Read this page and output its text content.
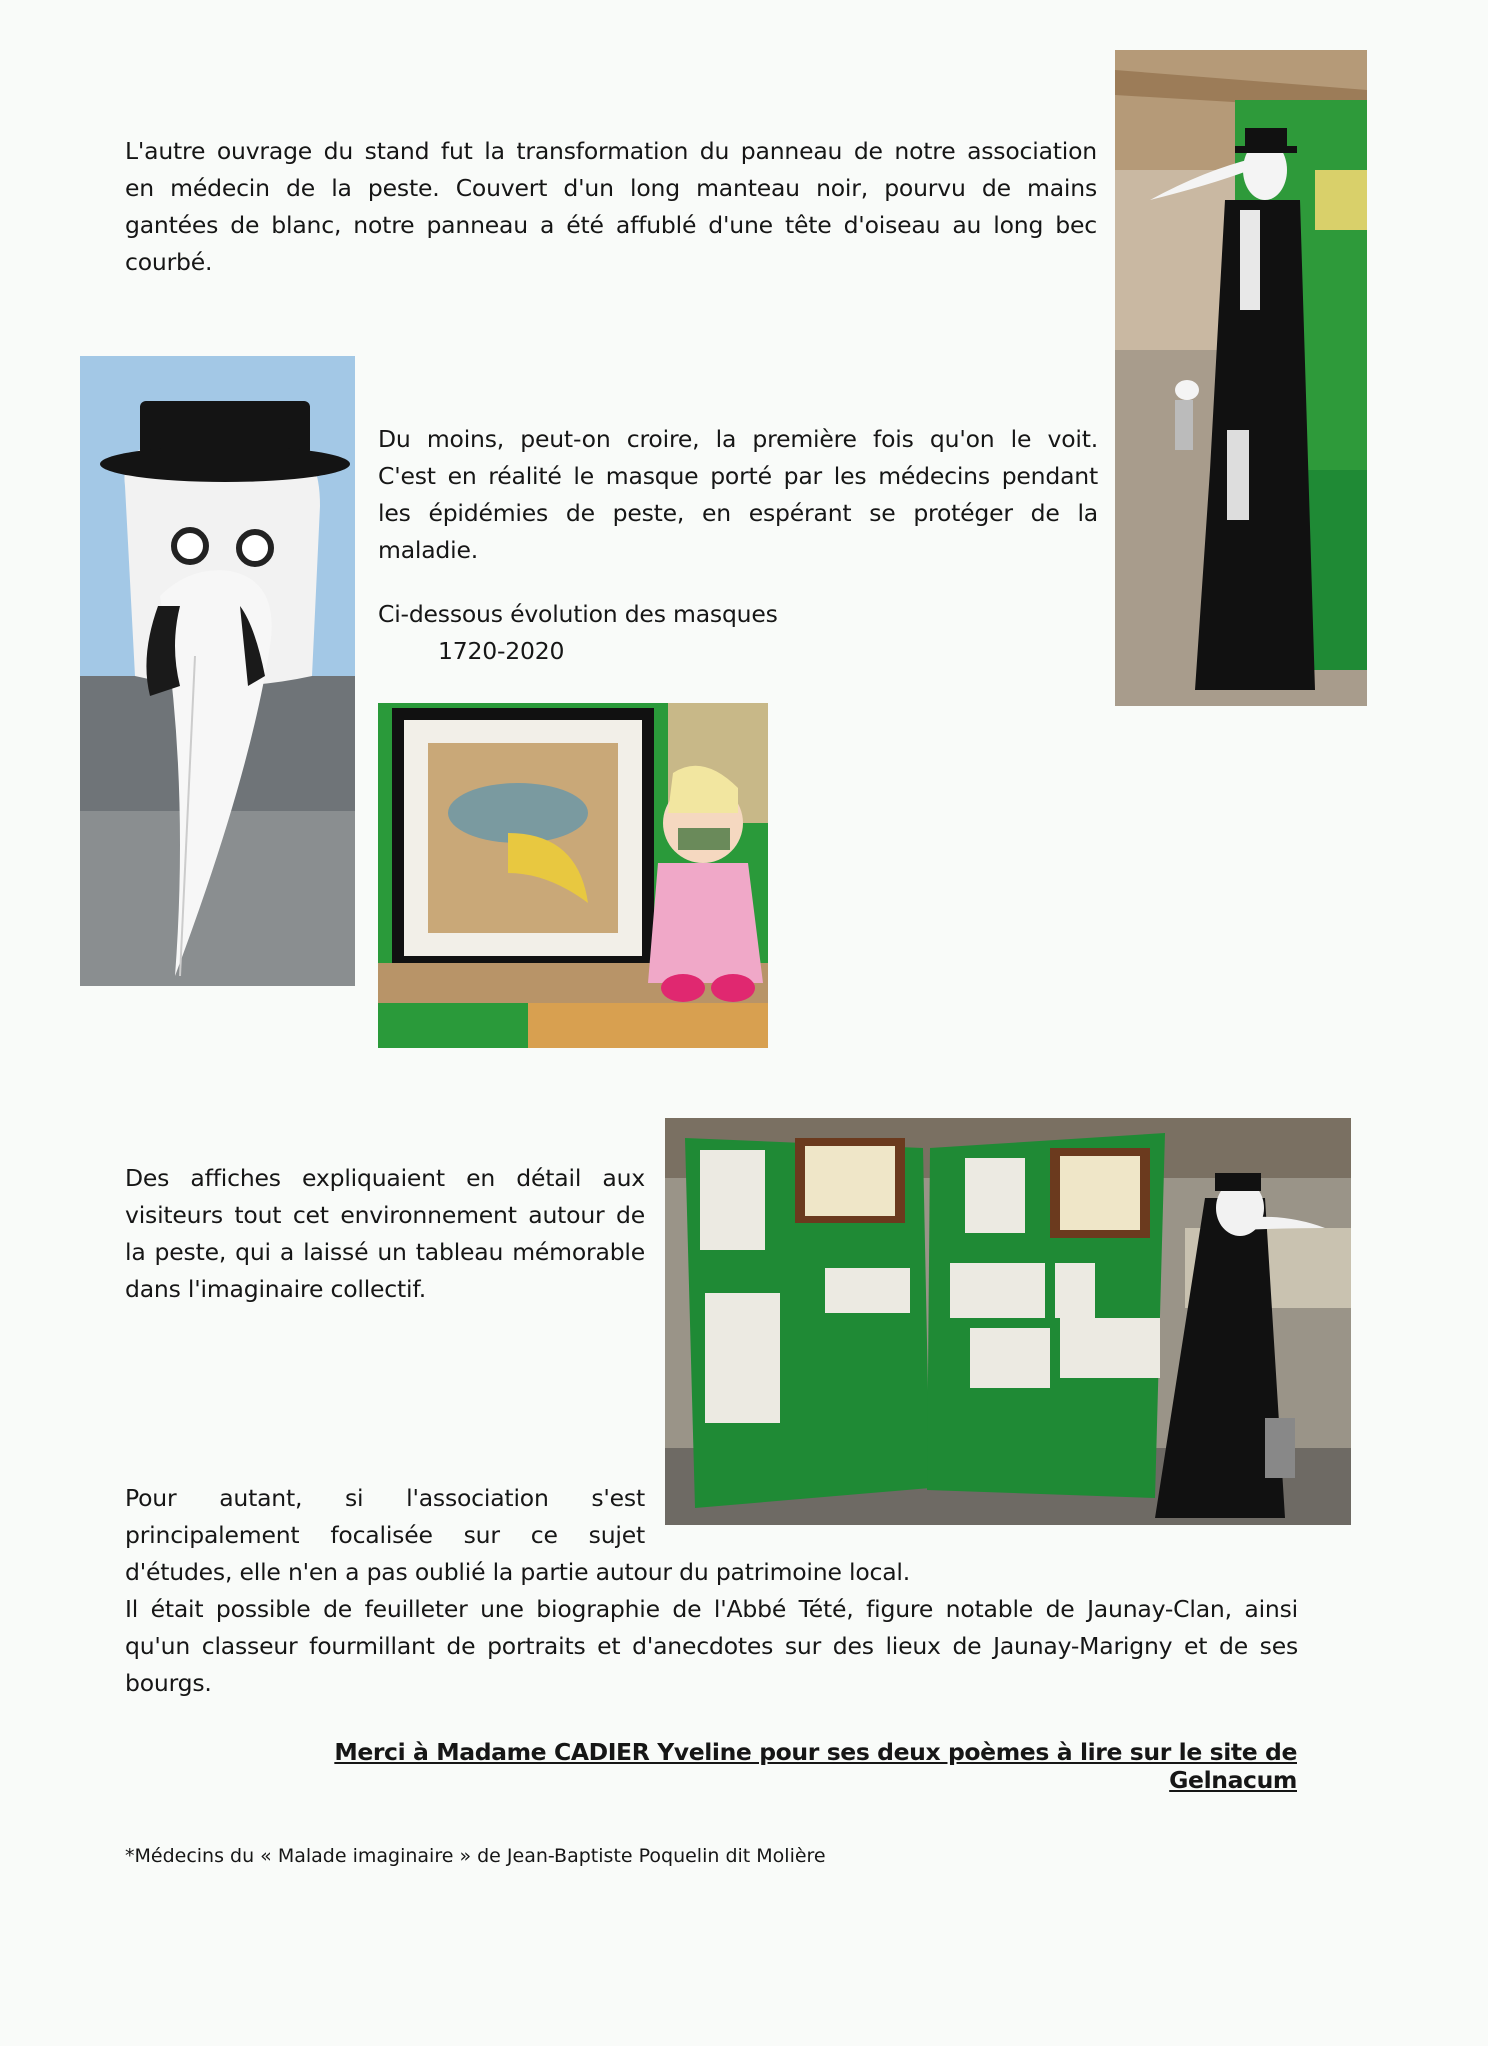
L'autre ouvrage du stand fut la transformation du panneau de notre association
en médecin de la peste. Couvert d'un long manteau noir, pourvu de mains
gantées de blanc, notre panneau a été affublé d'une tête d'oiseau au long bec
courbé.
Du moins, peut-on croire, la première fois qu'on le voit.
C'est en réalité le masque porté par les médecins pendant
les épidémies de peste, en espérant se protéger de la
maladie.
Ci-dessous évolution des masques
1720-2020
Des affiches expliquaient en détail aux
visiteurs tout cet environnement autour de
la peste, qui a laissé un tableau mémorable
dans l'imaginaire collectif.
Pour autant, si l'association s'est
principalement focalisée sur ce sujet
d'études, elle n'en a pas oublié la partie autour du patrimoine local.
Il était possible de feuilleter une biographie de l'Abbé Tété, figure notable de Jaunay-Clan, ainsi
qu'un classeur fourmillant de portraits et d'anecdotes sur des lieux de Jaunay-Marigny et de ses
bourgs.

Merci à Madame CADIER Yveline pour ses deux poèmes à lire sur le site de Gelnacum

*Médecins du « Malade imaginaire » de Jean-Baptiste Poquelin dit Molière
